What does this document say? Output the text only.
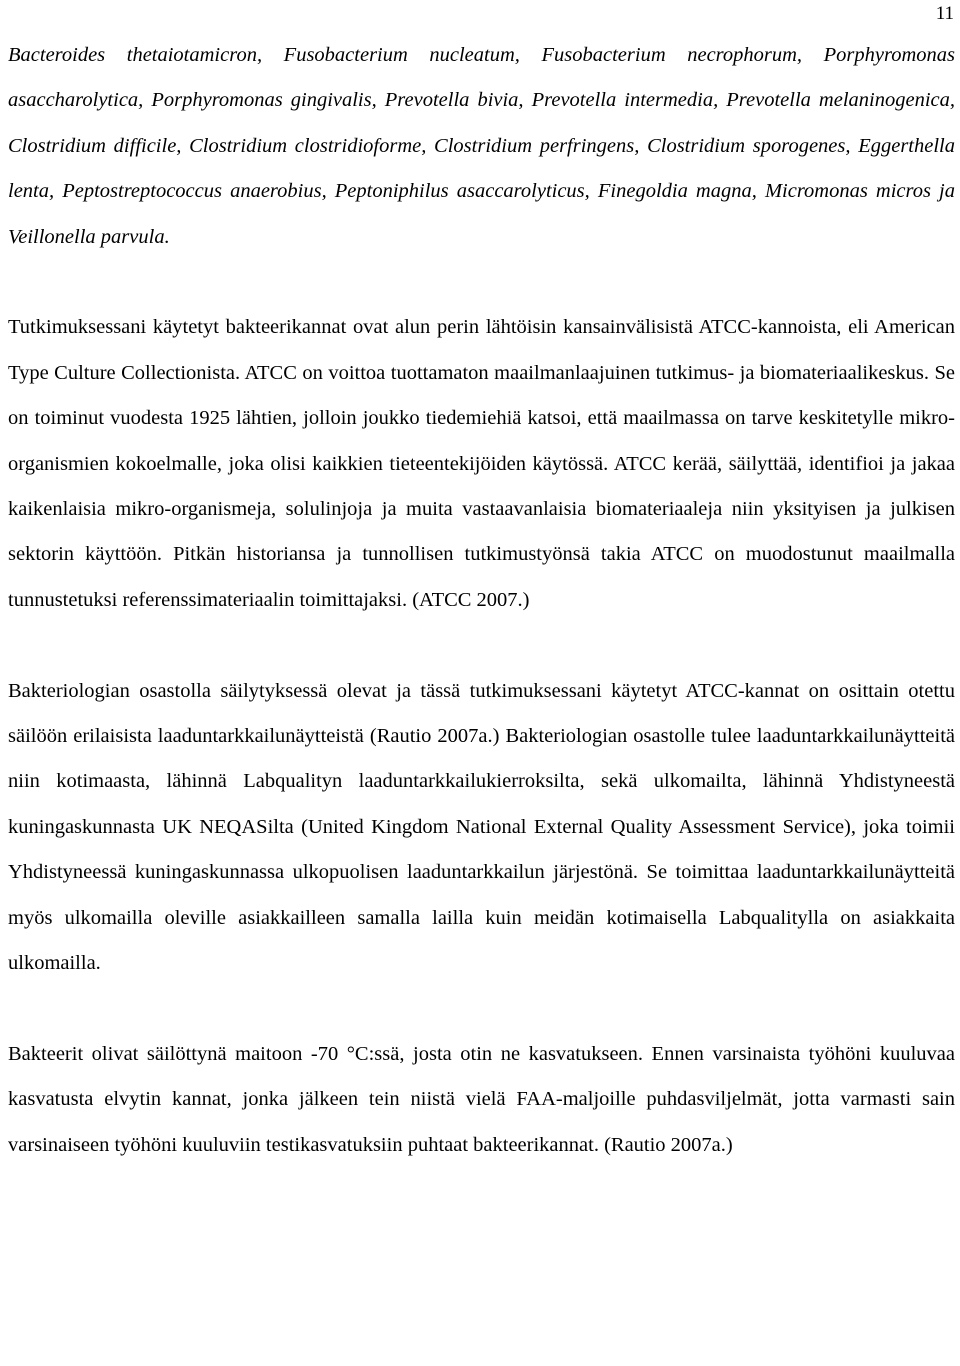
11

Bacteroides thetaiotamicron, Fusobacterium nucleatum, Fusobacterium necrophorum, Porphyromonas asaccharolytica, Porphyromonas gingivalis, Prevotella bivia, Prevotella intermedia, Prevotella melaninogenica, Clostridium difficile, Clostridium clostridioforme, Clostridium perfringens, Clostridium sporogenes, Eggerthella lenta, Peptostreptococcus anaerobius, Peptoniphilus asaccarolyticus, Finegoldia magna, Micromonas micros ja Veillonella parvula.

Tutkimuksessani käytetyt bakteerikannat ovat alun perin lähtöisin kansainvälisistä ATCC-kannoista, eli American Type Culture Collectionista. ATCC on voittoa tuottamaton maailmanlaajuinen tutkimus- ja biomateriaalikeskus. Se on toiminut vuodesta 1925 lähtien, jolloin joukko tiedemiehiä katsoi, että maailmassa on tarve keskitetylle mikro-organismien kokoelmalle, joka olisi kaikkien tieteentekijöiden käytössä. ATCC kerää, säilyttää, identifioi ja jakaa kaikenlaisia mikro-organismeja, solulinjoja ja muita vastaavanlaisia biomateriaaleja niin yksityisen ja julkisen sektorin käyttöön. Pitkän historiansa ja tunnollisen tutkimustyönsä takia ATCC on muodostunut maailmalla tunnustetuksi referenssimateriaalin toimittajaksi. (ATCC 2007.)

Bakteriologian osastolla säilytyksessä olevat ja tässä tutkimuksessani käytetyt ATCC-kannat on osittain otettu säilöön erilaisista laaduntarkkailunäytteistä (Rautio 2007a.) Bakteriologian osastolle tulee laaduntarkkailunäytteitä niin kotimaasta, lähinnä Labqualityn laaduntarkkailukierroksilta, sekä ulkomailta, lähinnä Yhdistyneestä kuningaskunnasta UK NEQASilta (United Kingdom National External Quality Assessment Service), joka toimii Yhdistyneessä kuningaskunnassa ulkopuolisen laaduntarkkailun järjestönä. Se toimittaa laaduntarkkailunäytteitä myös ulkomailla oleville asiakkailleen samalla lailla kuin meidän kotimaisella Labqualitylla on asiakkaita ulkomailla.

Bakteerit olivat säilöttynä maitoon -70 °C:ssä, josta otin ne kasvatukseen. Ennen varsinaista työhöni kuuluvaa kasvatusta elvytin kannat, jonka jälkeen tein niistä vielä FAA-maljoille puhdasviljelmät, jotta varmasti sain varsinaiseen työhöni kuuluviin testikasvatuksiin puhtaat bakteerikannat. (Rautio 2007a.)
